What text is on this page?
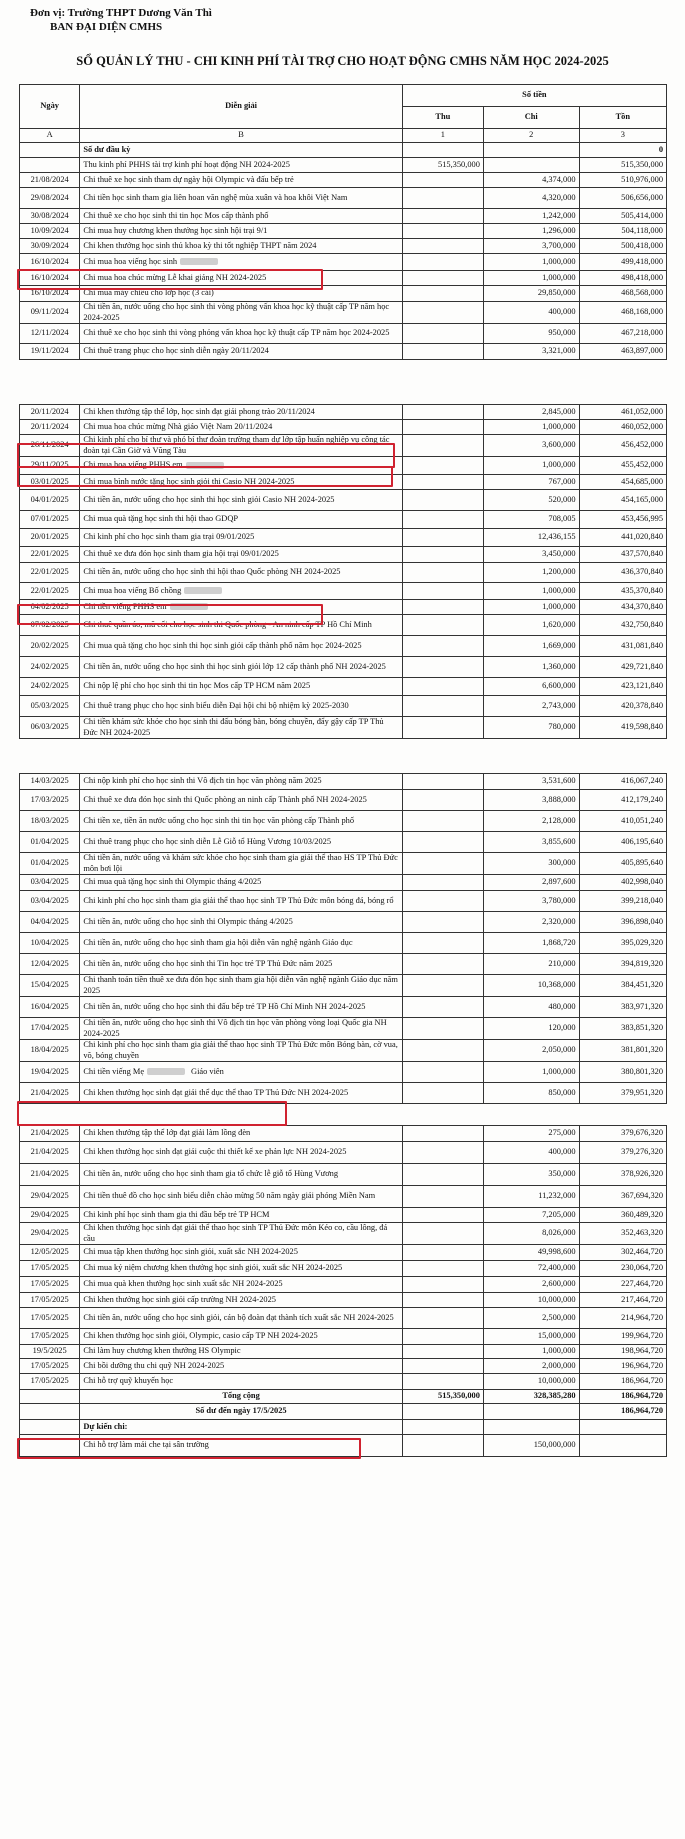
Đơn vị: Trường THPT Dương Văn Thì
BAN ĐẠI DIỆN CMHS
SỔ QUẢN LÝ THU - CHI KINH PHÍ TÀI TRỢ CHO HOẠT ĐỘNG CMHS NĂM HỌC 2024-2025
Ngày	Diễn giải	Số tiền		
		Thu	Chi	Tồn
A	B	1	2	3
	Số dư đầu kỳ			0
	Thu kinh phí PHHS tài trợ kinh phí hoạt động NH 2024-2025	515,350,000		515,350,000
21/08/2024	Chi thuê xe học sinh tham dự ngày hội Olympic và đấu bếp trẻ		4,374,000	510,976,000
29/08/2024	Chi tiền học sinh tham gia liên hoan văn nghệ mùa xuân và hoa khôi Việt Nam		4,320,000	506,656,000
30/08/2024	Chi thuê xe cho học sinh thi tin học Mos cấp thành phố		1,242,000	505,414,000
10/09/2024	Chi mua huy chương khen thưởng học sinh hội trại 9/1		1,296,000	504,118,000
30/09/2024	Chi khen thưởng học sinh thủ khoa kỳ thi tốt nghiệp THPT năm 2024		3,700,000	500,418,000
16/10/2024	Chi mua hoa viếng học sinh		1,000,000	499,418,000
16/10/2024	Chi mua hoa chúc mừng Lễ khai giảng NH 2024-2025		1,000,000	498,418,000
16/10/2024	Chi mua máy chiếu cho lớp học (3 cái)		29,850,000	468,568,000
09/11/2024	Chi tiền ăn, nước uống cho học sinh thi vòng phòng vấn khoa học kỹ thuật cấp TP năm học 2024-2025		400,000	468,168,000
12/11/2024	Chi thuê xe cho học sinh thi vòng phỏng vấn khoa học kỹ thuật cấp TP năm học 2024-2025		950,000	467,218,000
19/11/2024	Chi thuê trang phục cho học sinh diễn ngày 20/11/2024		3,321,000	463,897,000
20/11/2024	Chi khen thưởng tập thể lớp, học sinh đạt giải phong trào 20/11/2024		2,845,000	461,052,000
20/11/2024	Chi mua hoa chúc mừng Nhà giáo Việt Nam 20/11/2024		1,000,000	460,052,000
26/11/2024	Chi kinh phí cho bí thư và phó bí thư đoàn trường tham dự lớp tập huấn nghiệp vụ công tác đoàn tại Cần Giờ và Vũng Tàu		3,600,000	456,452,000
29/11/2025	Chi mua hoa viếng PHHS em		1,000,000	455,452,000
03/01/2025	Chi mua bình nước tặng học sinh giỏi thi Casio NH 2024-2025		767,000	454,685,000
04/01/2025	Chi tiền ăn, nước uống cho học sinh thi học sinh giỏi Casio NH 2024-2025		520,000	454,165,000
07/01/2025	Chi mua quà tặng học sinh thi hội thao GDQP		708,005	453,456,995
20/01/2025	Chi kinh phí cho học sinh tham gia trại 09/01/2025		12,436,155	441,020,840
22/01/2025	Chi thuê xe đưa đón học sinh tham gia hội trại 09/01/2025		3,450,000	437,570,840
22/01/2025	Chi tiền ăn, nước uống cho học sinh thi hội thao Quốc phòng NH 2024-2025		1,200,000	436,370,840
22/01/2025	Chi mua hoa viếng Bố chồng		1,000,000	435,370,840
04/02/2025	Chi tiền viếng PHHS em		1,000,000	434,370,840
07/02/2025	Chi thuê quần áo, mũ cối cho học sinh thi Quốc phòng - An ninh cấp TP Hồ Chí Minh		1,620,000	432,750,840
20/02/2025	Chi mua quà tặng cho học sinh thi học sinh giỏi cấp thành phố năm học 2024-2025		1,669,000	431,081,840
24/02/2025	Chi tiền ăn, nước uống cho học sinh thi học sinh giỏi lớp 12 cấp thành phố NH 2024-2025		1,360,000	429,721,840
24/02/2025	Chi nộp lệ phí cho học sinh thi tin học Mos cấp TP HCM năm 2025		6,600,000	423,121,840
05/03/2025	Chi thuê trang phục cho học sinh biểu diễn Đại hội chi bộ nhiệm kỳ 2025-2030		2,743,000	420,378,840
06/03/2025	Chi tiền khám sức khỏe cho học sinh thi đấu bóng bàn, bóng chuyền, đẩy gậy cấp TP Thủ Đức NH 2024-2025		780,000	419,598,840
14/03/2025	Chi nộp kinh phí cho học sinh thi Vô địch tin học văn phòng năm 2025		3,531,600	416,067,240
17/03/2025	Chi thuê xe đưa đón học sinh thi Quốc phòng an ninh cấp Thành phố NH 2024-2025		3,888,000	412,179,240
18/03/2025	Chi tiền xe, tiền ăn nước uống cho học sinh thi tin học văn phòng cấp Thành phố		2,128,000	410,051,240
01/04/2025	Chi thuê trang phục cho học sinh diễn Lễ Giỗ tổ Hùng Vương 10/03/2025		3,855,600	406,195,640
01/04/2025	Chi tiền ăn, nước uống và khám sức khỏe cho học sinh tham gia giải thể thao HS TP Thủ Đức môn bơi lội		300,000	405,895,640
03/04/2025	Chi mua quà tặng học sinh thi Olympic tháng 4/2025		2,897,600	402,998,040
03/04/2025	Chi kinh phí cho học sinh tham gia giải thể thao học sinh TP Thủ Đức môn bóng đá, bóng rổ		3,780,000	399,218,040
04/04/2025	Chi tiền ăn, nước uống cho học sinh thi Olympic tháng 4/2025		2,320,000	396,898,040
10/04/2025	Chi tiền ăn, nước uống cho học sinh tham gia hội diễn văn nghệ ngành Giáo dục		1,868,720	395,029,320
12/04/2025	Chi tiền ăn, nước uống cho học sinh thi Tin học trẻ TP Thủ Đức năm 2025		210,000	394,819,320
15/04/2025	Chi thanh toán tiền thuê xe đưa đón học sinh tham gia hội diễn văn nghệ ngành Giáo dục năm 2025		10,368,000	384,451,320
16/04/2025	Chi tiền ăn, nước uống cho học sinh thi đấu bếp trẻ TP Hồ Chí Minh NH 2024-2025		480,000	383,971,320
17/04/2025	Chi tiền ăn, nước uống cho học sinh thi Vô địch tin học văn phòng vòng loại Quốc gia NH 2024-2025		120,000	383,851,320
18/04/2025	Chi kinh phí cho học sinh tham gia giải thể thao học sinh TP Thủ Đức môn Bóng bàn, cờ vua, võ, bóng chuyền		2,050,000	381,801,320
19/04/2025	Chi tiền viếng Mẹ Giáo viên		1,000,000	380,801,320
21/04/2025	Chi khen thưởng học sinh đạt giải thể dục thể thao TP Thủ Đức NH 2024-2025		850,000	379,951,320
21/04/2025	Chi khen thưởng tập thể lớp đạt giải làm lồng đèn		275,000	379,676,320
21/04/2025	Chi khen thưởng học sinh đạt giải cuộc thi thiết kế xe phản lực NH 2024-2025		400,000	379,276,320
21/04/2025	Chi tiền ăn, nước uống cho học sinh tham gia tổ chức lễ giỗ tổ Hùng Vương		350,000	378,926,320
29/04/2025	Chi tiền thuê đồ cho học sinh biểu diễn chào mừng 50 năm ngày giải phóng Miền Nam		11,232,000	367,694,320
29/04/2025	Chi kinh phí học sinh tham gia thi đầu bếp trẻ TP HCM		7,205,000	360,489,320
29/04/2025	Chi khen thưởng học sinh đạt giải thể thao học sinh TP Thủ Đức môn Kéo co, cầu lông, đá cầu		8,026,000	352,463,320
12/05/2025	Chi mua tập khen thưởng học sinh giỏi, xuất sắc NH 2024-2025		49,998,600	302,464,720
17/05/2025	Chi mua kỷ niệm chương khen thưởng học sinh giỏi, xuất sắc NH 2024-2025		72,400,000	230,064,720
17/05/2025	Chi mua quà khen thưởng học sinh xuất sắc NH 2024-2025		2,600,000	227,464,720
17/05/2025	Chi khen thưởng học sinh giỏi cấp trường NH 2024-2025		10,000,000	217,464,720
17/05/2025	Chi tiền ăn, nước uống cho học sinh giỏi, cán bộ đoàn đạt thành tích xuất sắc NH 2024-2025		2,500,000	214,964,720
17/05/2025	Chi khen thưởng học sinh giỏi, Olympic, casio cấp TP NH 2024-2025		15,000,000	199,964,720
19/5/2025	Chi làm huy chương khen thưởng HS Olympic		1,000,000	198,964,720
17/05/2025	Chi bồi dưỡng thu chi quỹ NH 2024-2025		2,000,000	196,964,720
17/05/2025	Chi hỗ trợ quỹ khuyến học		10,000,000	186,964,720
	Tổng cộng	515,350,000	328,385,280	186,964,720
	Số dư đến ngày 17/5/2025			186,964,720
	Dự kiến chi:			
	Chi hỗ trợ làm mái che tại sân trường		150,000,000	
